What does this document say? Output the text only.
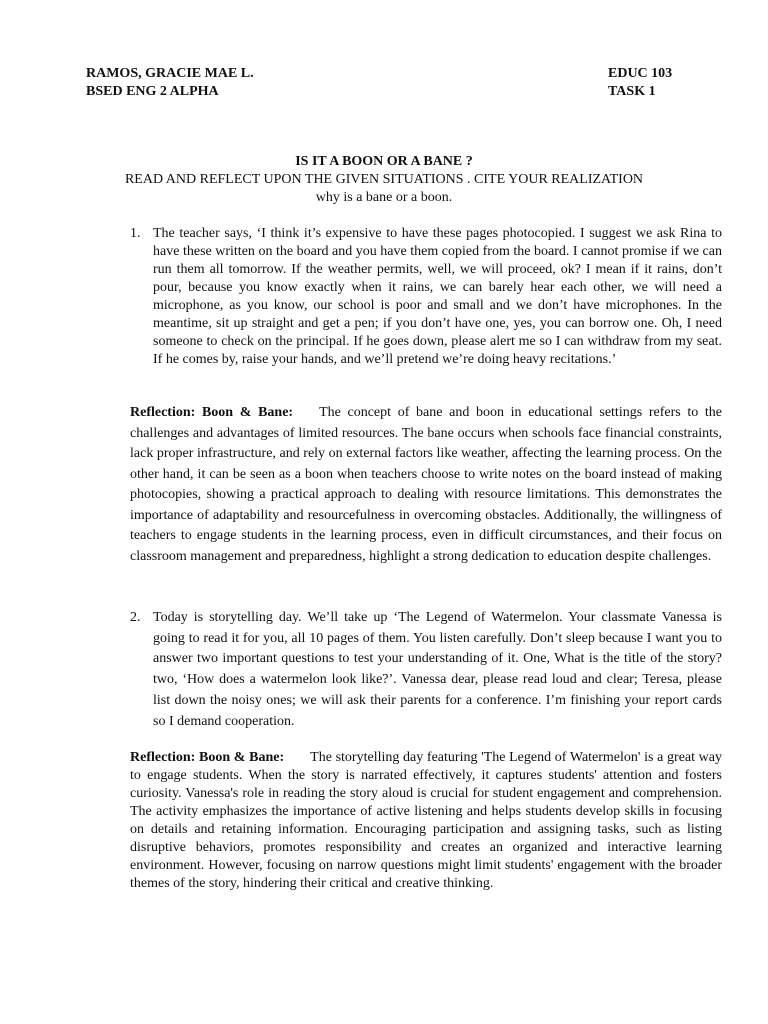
RAMOS, GRACIE MAE L.
BSED ENG 2 ALPHA
EDUC 103
TASK 1
IS IT A BOON OR A BANE ?
READ AND REFLECT UPON THE GIVEN SITUATIONS . CITE YOUR REALIZATION
why is a bane or a boon.
1. The teacher says, ‘I think it’s expensive to have these pages photocopied. I suggest we ask Rina to have these written on the board and you have them copied from the board. I cannot promise if we can run them all tomorrow. If the weather permits, well, we will proceed, ok? I mean if it rains, don’t pour, because you know exactly when it rains, we can barely hear each other, we will need a microphone, as you know, our school is poor and small and we don’t have microphones. In the meantime, sit up straight and get a pen; if you don’t have one, yes, you can borrow one. Oh, I need someone to check on the principal. If he goes down, please alert me so I can withdraw from my seat. If he comes by, raise your hands, and we’ll pretend we’re doing heavy recitations.’
Reflection: Boon & Bane: The concept of bane and boon in educational settings refers to the challenges and advantages of limited resources. The bane occurs when schools face financial constraints, lack proper infrastructure, and rely on external factors like weather, affecting the learning process. On the other hand, it can be seen as a boon when teachers choose to write notes on the board instead of making photocopies, showing a practical approach to dealing with resource limitations. This demonstrates the importance of adaptability and resourcefulness in overcoming obstacles. Additionally, the willingness of teachers to engage students in the learning process, even in difficult circumstances, and their focus on classroom management and preparedness, highlight a strong dedication to education despite challenges.
2. Today is storytelling day. We’ll take up ‘The Legend of Watermelon. Your classmate Vanessa is going to read it for you, all 10 pages of them. You listen carefully. Don’t sleep because I want you to answer two important questions to test your understanding of it. One, What is the title of the story? two, ‘How does a watermelon look like?’. Vanessa dear, please read loud and clear; Teresa, please list down the noisy ones; we will ask their parents for a conference. I’m finishing your report cards so I demand cooperation.
Reflection: Boon & Bane: The storytelling day featuring 'The Legend of Watermelon' is a great way to engage students. When the story is narrated effectively, it captures students' attention and fosters curiosity. Vanessa's role in reading the story aloud is crucial for student engagement and comprehension. The activity emphasizes the importance of active listening and helps students develop skills in focusing on details and retaining information. Encouraging participation and assigning tasks, such as listing disruptive behaviors, promotes responsibility and creates an organized and interactive learning environment. However, focusing on narrow questions might limit students' engagement with the broader themes of the story, hindering their critical and creative thinking.
